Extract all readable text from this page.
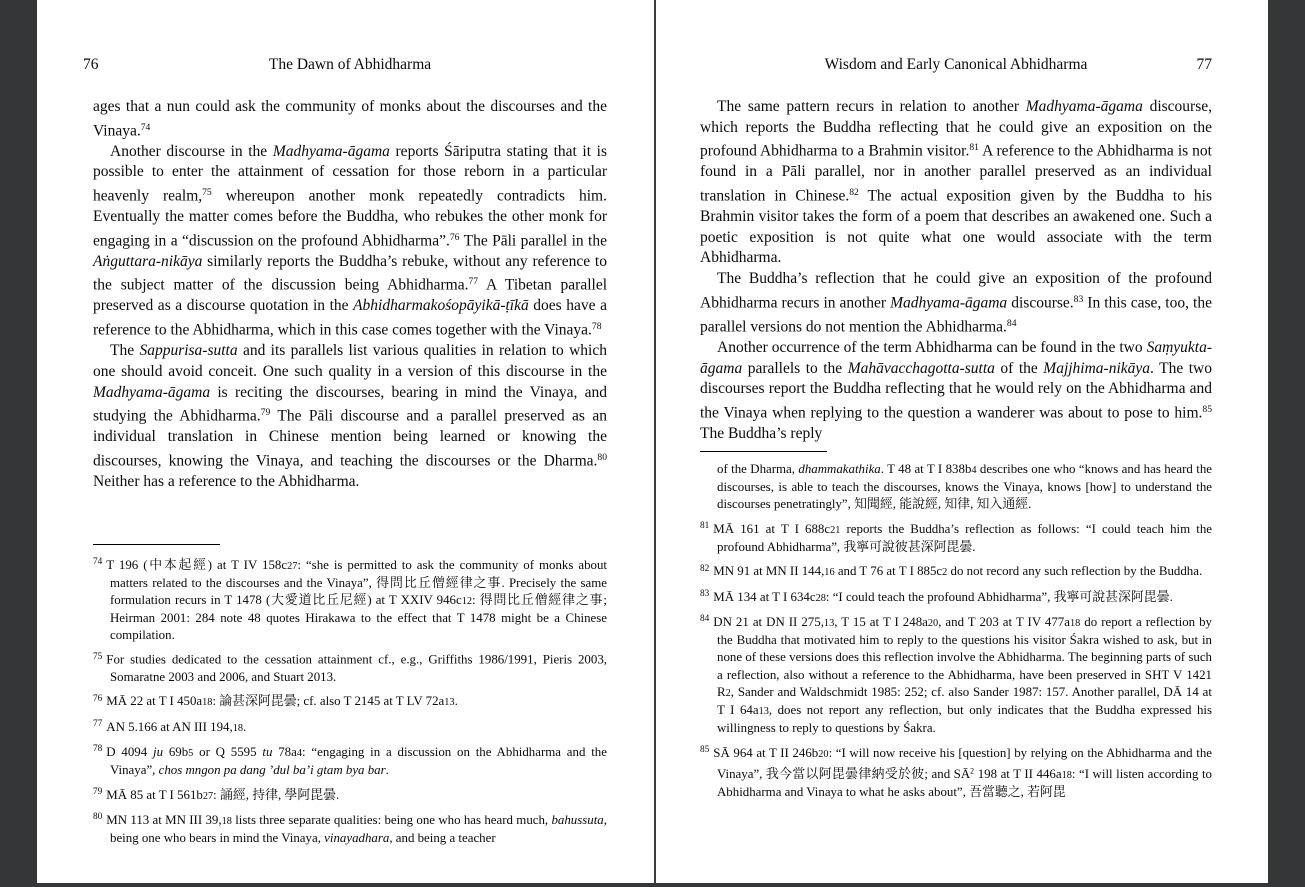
76	The Dawn of Abhidharma

ages that a nun could ask the community of monks about the discourses and the Vinaya.$^{74}$

Another discourse in the Madhyama-āgama reports Śāriputra stating that it is possible to enter the attainment of cessation for those reborn in a particular heavenly realm,$^{75}$ whereupon another monk repeatedly contradicts him. Eventually the matter comes before the Buddha, who rebukes the other monk for engaging in a “discussion on the profound Abhidharma”.$^{76}$ The Pāli parallel in the Aṅguttara-nikāya similarly reports the Buddha’s rebuke, without any reference to the subject matter of the discussion being Abhidharma.$^{77}$ A Tibetan parallel preserved as a discourse quotation in the Abhidharmakośopāyikā-ṭīkā does have a reference to the Abhidharma, which in this case comes together with the Vinaya.$^{78}$

The Sappurisa-sutta and its parallels list various qualities in relation to which one should avoid conceit. One such quality in a version of this discourse in the Madhyama-āgama is reciting the discourses, bearing in mind the Vinaya, and studying the Abhidharma.$^{79}$ The Pāli discourse and a parallel preserved as an individual translation in Chinese mention being learned or knowing the discourses, knowing the Vinaya, and teaching the discourses or the Dharma.$^{80}$ Neither has a reference to the Abhidharma.

$^{74}$ T 196 (中本起經) at T IV 158c27: “she is permitted to ask the community of monks about matters related to the discourses and the Vinaya”, 得問比丘僧經律之事. Precisely the same formulation recurs in T 1478 (大愛道比丘尼經) at T XXIV 946c12: 得問比丘僧經律之事; Heirman 2001: 284 note 48 quotes Hirakawa to the effect that T 1478 might be a Chinese compilation.
$^{75}$ For studies dedicated to the cessation attainment cf., e.g., Griffiths 1986/1991, Pieris 2003, Somaratne 2003 and 2006, and Stuart 2013.
$^{76}$ MĀ 22 at T I 450a18: 論甚深阿毘曇; cf. also T 2145 at T LV 72a13.
$^{77}$ AN 5.166 at AN III 194,18.
$^{78}$ D 4094 ju 69b5 or Q 5595 tu 78a4: “engaging in a discussion on the Abhidharma and the Vinaya”, chos mngon pa dang ’dul ba’i gtam bya bar.
$^{79}$ MĀ 85 at T I 561b27: 誦經, 持律, 學阿毘曇.
$^{80}$ MN 113 at MN III 39,18 lists three separate qualities: being one who has heard much, bahussuta, being one who bears in mind the Vinaya, vinayadhara, and being a teacher
Wisdom and Early Canonical Abhidharma	77

The same pattern recurs in relation to another Madhyama-āgama discourse, which reports the Buddha reflecting that he could give an exposition on the profound Abhidharma to a Brahmin visitor.$^{81}$ A reference to the Abhidharma is not found in a Pāli parallel, nor in another parallel preserved as an individual translation in Chinese.$^{82}$ The actual exposition given by the Buddha to his Brahmin visitor takes the form of a poem that describes an awakened one. Such a poetic exposition is not quite what one would associate with the term Abhidharma.

The Buddha’s reflection that he could give an exposition of the profound Abhidharma recurs in another Madhyama-āgama discourse.$^{83}$ In this case, too, the parallel versions do not mention the Abhidharma.$^{84}$

Another occurrence of the term Abhidharma can be found in the two Saṃyukta-āgama parallels to the Mahāvacchagotta-sutta of the Majjhima-nikāya. The two discourses report the Buddha reflecting that he would rely on the Abhidharma and the Vinaya when replying to the question a wanderer was about to pose to him.$^{85}$ The Buddha’s reply

of the Dharma, dhammakathika. T 48 at T I 838b4 describes one who “knows and has heard the discourses, is able to teach the discourses, knows the Vinaya, knows [how] to understand the discourses penetratingly”, 知聞經, 能說經, 知律, 知入通經.
$^{81}$ MĀ 161 at T I 688c21 reports the Buddha’s reflection as follows: “I could teach him the profound Abhidharma”, 我寧可說彼甚深阿毘曇.
$^{82}$ MN 91 at MN II 144,16 and T 76 at T I 885c2 do not record any such reflection by the Buddha.
$^{83}$ MĀ 134 at T I 634c28: “I could teach the profound Abhidharma”, 我寧可說甚深阿毘曇.
$^{84}$ DN 21 at DN II 275,13, T 15 at T I 248a20, and T 203 at T IV 477a18 do report a reflection by the Buddha that motivated him to reply to the questions his visitor Śakra wished to ask, but in none of these versions does this reflection involve the Abhidharma. The beginning parts of such a reflection, also without a reference to the Abhidharma, have been preserved in SHT V 1421 R2, Sander and Waldschmidt 1985: 252; cf. also Sander 1987: 157. Another parallel, DĀ 14 at T I 64a13, does not report any reflection, but only indicates that the Buddha expressed his willingness to reply to questions by Śakra.
$^{85}$ SĀ 964 at T II 246b20: “I will now receive his [question] by relying on the Abhidharma and the Vinaya”, 我今當以阿毘曇律納受於彼; and $SĀ^2$ 198 at T II 446a18: “I will listen according to Abhidharma and Vinaya to what he asks about”, 吾當聽之, 若阿毘
